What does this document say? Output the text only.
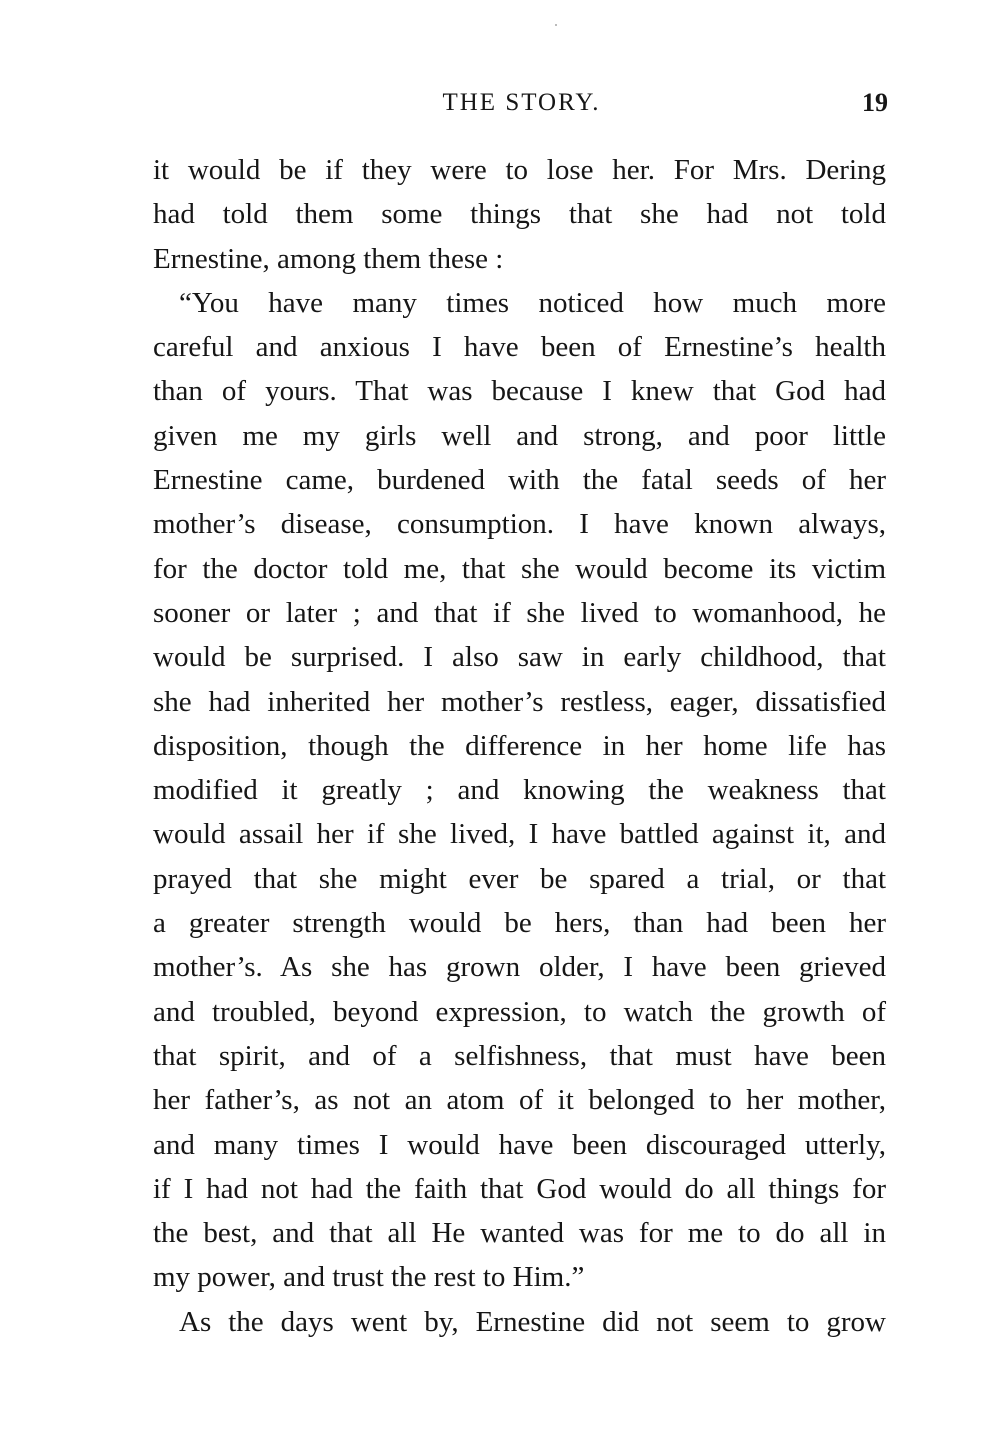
THE STORY.	19
it would be if they were to lose her. For Mrs. Dering
had told them some things that she had not told
Ernestine, among them these :
“You have many times noticed how much more
careful and anxious I have been of Ernestine’s health
than of yours. That was because I knew that God had
given me my girls well and strong, and poor little
Ernestine came, burdened with the fatal seeds of her
mother’s disease, consumption. I have known always,
for the doctor told me, that she would become its victim
sooner or later ; and that if she lived to womanhood, he
would be surprised. I also saw in early childhood, that
she had inherited her mother’s restless, eager, dissatisfied
disposition, though the difference in her home life has
modified it greatly ; and knowing the weakness that
would assail her if she lived, I have battled against it, and
prayed that she might ever be spared a trial, or that
a greater strength would be hers, than had been her
mother’s. As she has grown older, I have been grieved
and troubled, beyond expression, to watch the growth of
that spirit, and of a selfishness, that must have been
her father’s, as not an atom of it belonged to her mother,
and many times I would have been discouraged utterly,
if I had not had the faith that God would do all things for
the best, and that all He wanted was for me to do all in
my power, and trust the rest to Him.”
As the days went by, Ernestine did not seem to grow
